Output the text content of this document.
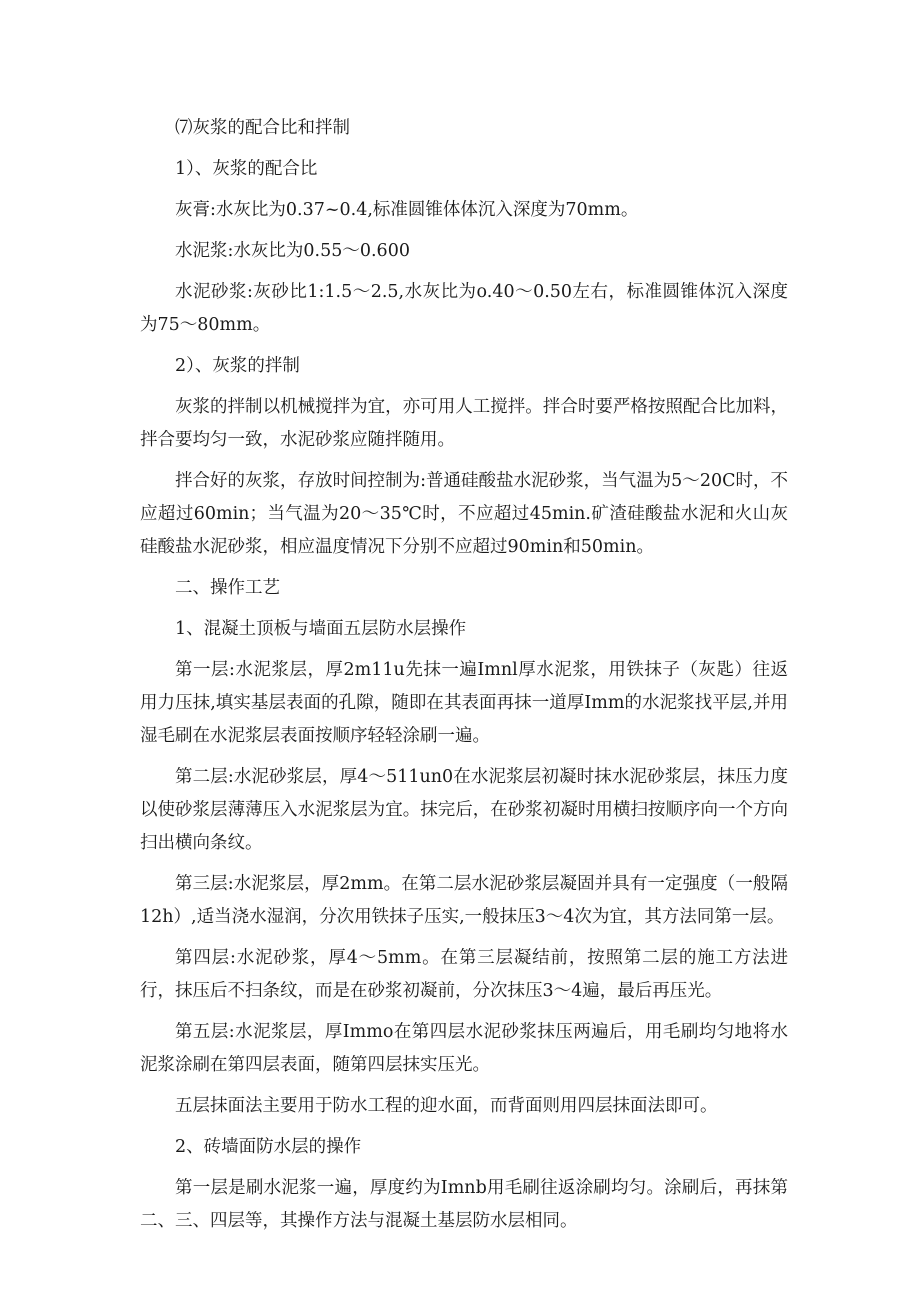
⑺灰浆的配合比和拌制

1）、灰浆的配合比

灰膏:水灰比为0.37~0.4,标准圆锥体体沉入深度为70mm。

水泥浆:水灰比为0.55～0.600

水泥砂浆:灰砂比1:1.5～2.5,水灰比为o.40～0.50左右，标准圆锥体沉入深度为75～80mm。

2）、灰浆的拌制

灰浆的拌制以机械搅拌为宜，亦可用人工搅拌。拌合时要严格按照配合比加料，拌合要均匀一致，水泥砂浆应随拌随用。

拌合好的灰浆，存放时间控制为:普通硅酸盐水泥砂浆，当气温为5～20C时，不应超过60min；当气温为20～35℃时，不应超过45min.矿渣硅酸盐水泥和火山灰硅酸盐水泥砂浆，相应温度情况下分别不应超过90min和50min。

二、操作工艺

1、混凝土顶板与墙面五层防水层操作

第一层:水泥浆层，厚2m11u先抹一遍Imnl厚水泥浆，用铁抹子（灰匙）往返用力压抹,填实基层表面的孔隙，随即在其表面再抹一道厚Imm的水泥浆找平层,并用湿毛刷在水泥浆层表面按顺序轻轻涂刷一遍。

第二层:水泥砂浆层，厚4～511un0在水泥浆层初凝时抹水泥砂浆层，抹压力度以使砂浆层薄薄压入水泥浆层为宜。抹完后，在砂浆初凝时用横扫按顺序向一个方向扫出横向条纹。

第三层:水泥浆层，厚2mm。在第二层水泥砂浆层凝固并具有一定强度（一般隔12h）,适当浇水湿润，分次用铁抹子压实,一般抹压3～4次为宜，其方法同第一层。

第四层:水泥砂浆，厚4～5mm。在第三层凝结前，按照第二层的施工方法进行，抹压后不扫条纹，而是在砂浆初凝前，分次抹压3～4遍，最后再压光。

第五层:水泥浆层，厚Immo在第四层水泥砂浆抹压两遍后，用毛刷均匀地将水泥浆涂刷在第四层表面，随第四层抹实压光。

五层抹面法主要用于防水工程的迎水面，而背面则用四层抹面法即可。

2、砖墙面防水层的操作

第一层是刷水泥浆一遍，厚度约为Imnb用毛刷往返涂刷均匀。涂刷后，再抹第二、三、四层等，其操作方法与混凝土基层防水层相同。
